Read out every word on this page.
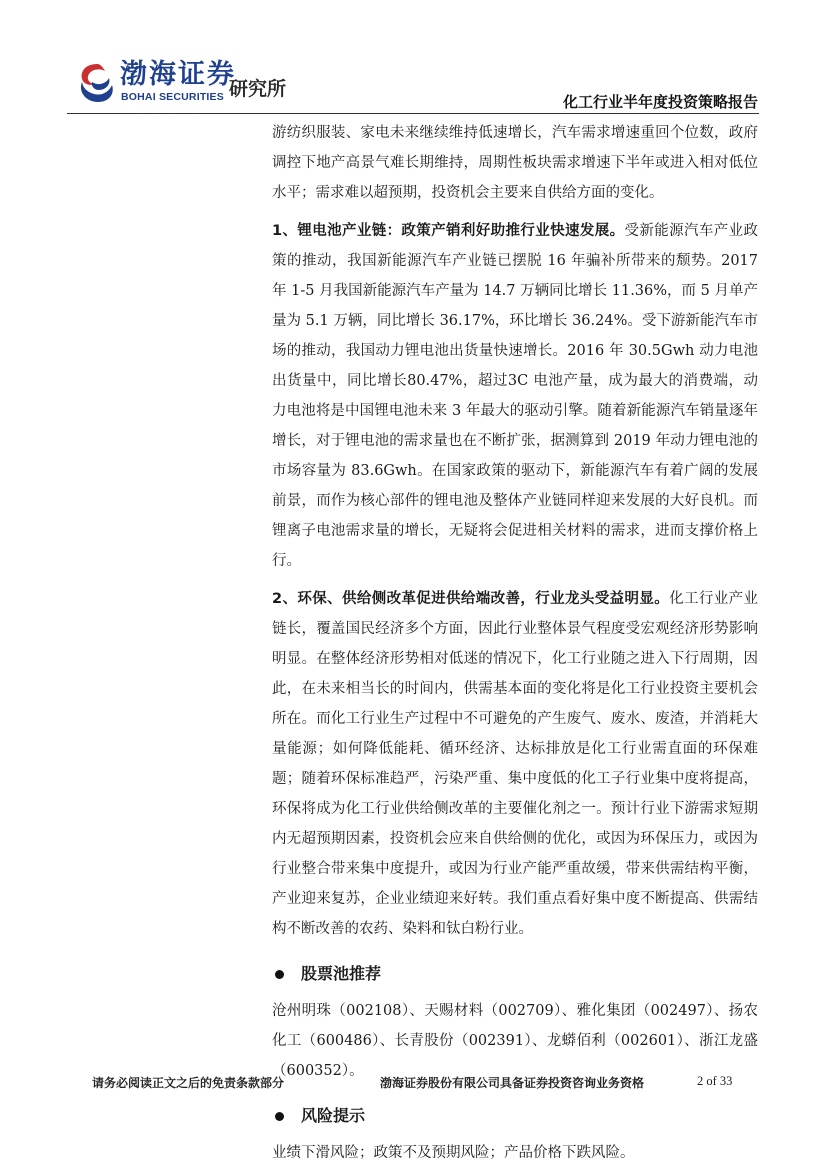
渤海证券
BOHAI SECURITIES 研究所
化工行业半年度投资策略报告

游纺织服装、家电未来继续维持低速增长，汽车需求增速重回个位数，政府调控下地产高景气难长期维持，周期性板块需求增速下半年或进入相对低位水平；需求难以超预期，投资机会主要来自供给方面的变化。

1、锂电池产业链：政策产销利好助推行业快速发展。受新能源汽车产业政策的推动，我国新能源汽车产业链已摆脱 16 年骗补所带来的颓势。2017 年 1-5 月我国新能源汽车产量为 14.7 万辆同比增长 11.36%，而 5 月单产量为 5.1 万辆，同比增长 36.17%，环比增长 36.24%。受下游新能汽车市场的推动，我国动力锂电池出货量快速增长。2016 年 30.5Gwh 动力电池出货量中，同比增长80.47%，超过3C 电池产量，成为最大的消费端，动力电池将是中国锂电池未来 3 年最大的驱动引擎。随着新能源汽车销量逐年增长，对于锂电池的需求量也在不断扩张，据测算到 2019 年动力锂电池的市场容量为 83.6Gwh。在国家政策的驱动下，新能源汽车有着广阔的发展前景，而作为核心部件的锂电池及整体产业链同样迎来发展的大好良机。而锂离子电池需求量的增长，无疑将会促进相关材料的需求，进而支撑价格上行。

2、环保、供给侧改革促进供给端改善，行业龙头受益明显。化工行业产业链长，覆盖国民经济多个方面，因此行业整体景气程度受宏观经济形势影响明显。在整体经济形势相对低迷的情况下，化工行业随之进入下行周期，因此，在未来相当长的时间内，供需基本面的变化将是化工行业投资主要机会所在。而化工行业生产过程中不可避免的产生废气、废水、废渣，并消耗大量能源；如何降低能耗、循环经济、达标排放是化工行业需直面的环保难题；随着环保标准趋严，污染严重、集中度低的化工子行业集中度将提高，环保将成为化工行业供给侧改革的主要催化剂之一。预计行业下游需求短期内无超预期因素，投资机会应来自供给侧的优化，或因为环保压力，或因为行业整合带来集中度提升，或因为行业产能严重故缓，带来供需结构平衡，产业迎来复苏，企业业绩迎来好转。我们重点看好集中度不断提高、供需结构不断改善的农药、染料和钛白粉行业。

股票池推荐

沧州明珠（002108）、天赐材料（002709）、雅化集团（002497）、扬农化工（600486）、长青股份（002391）、龙蟒佰利（002601）、浙江龙盛（600352）。

风险提示

业绩下滑风险；政策不及预期风险；产品价格下跌风险。

请务必阅读正文之后的免责条款部分	渤海证券股份有限公司具备证券投资咨询业务资格	2 of 33
